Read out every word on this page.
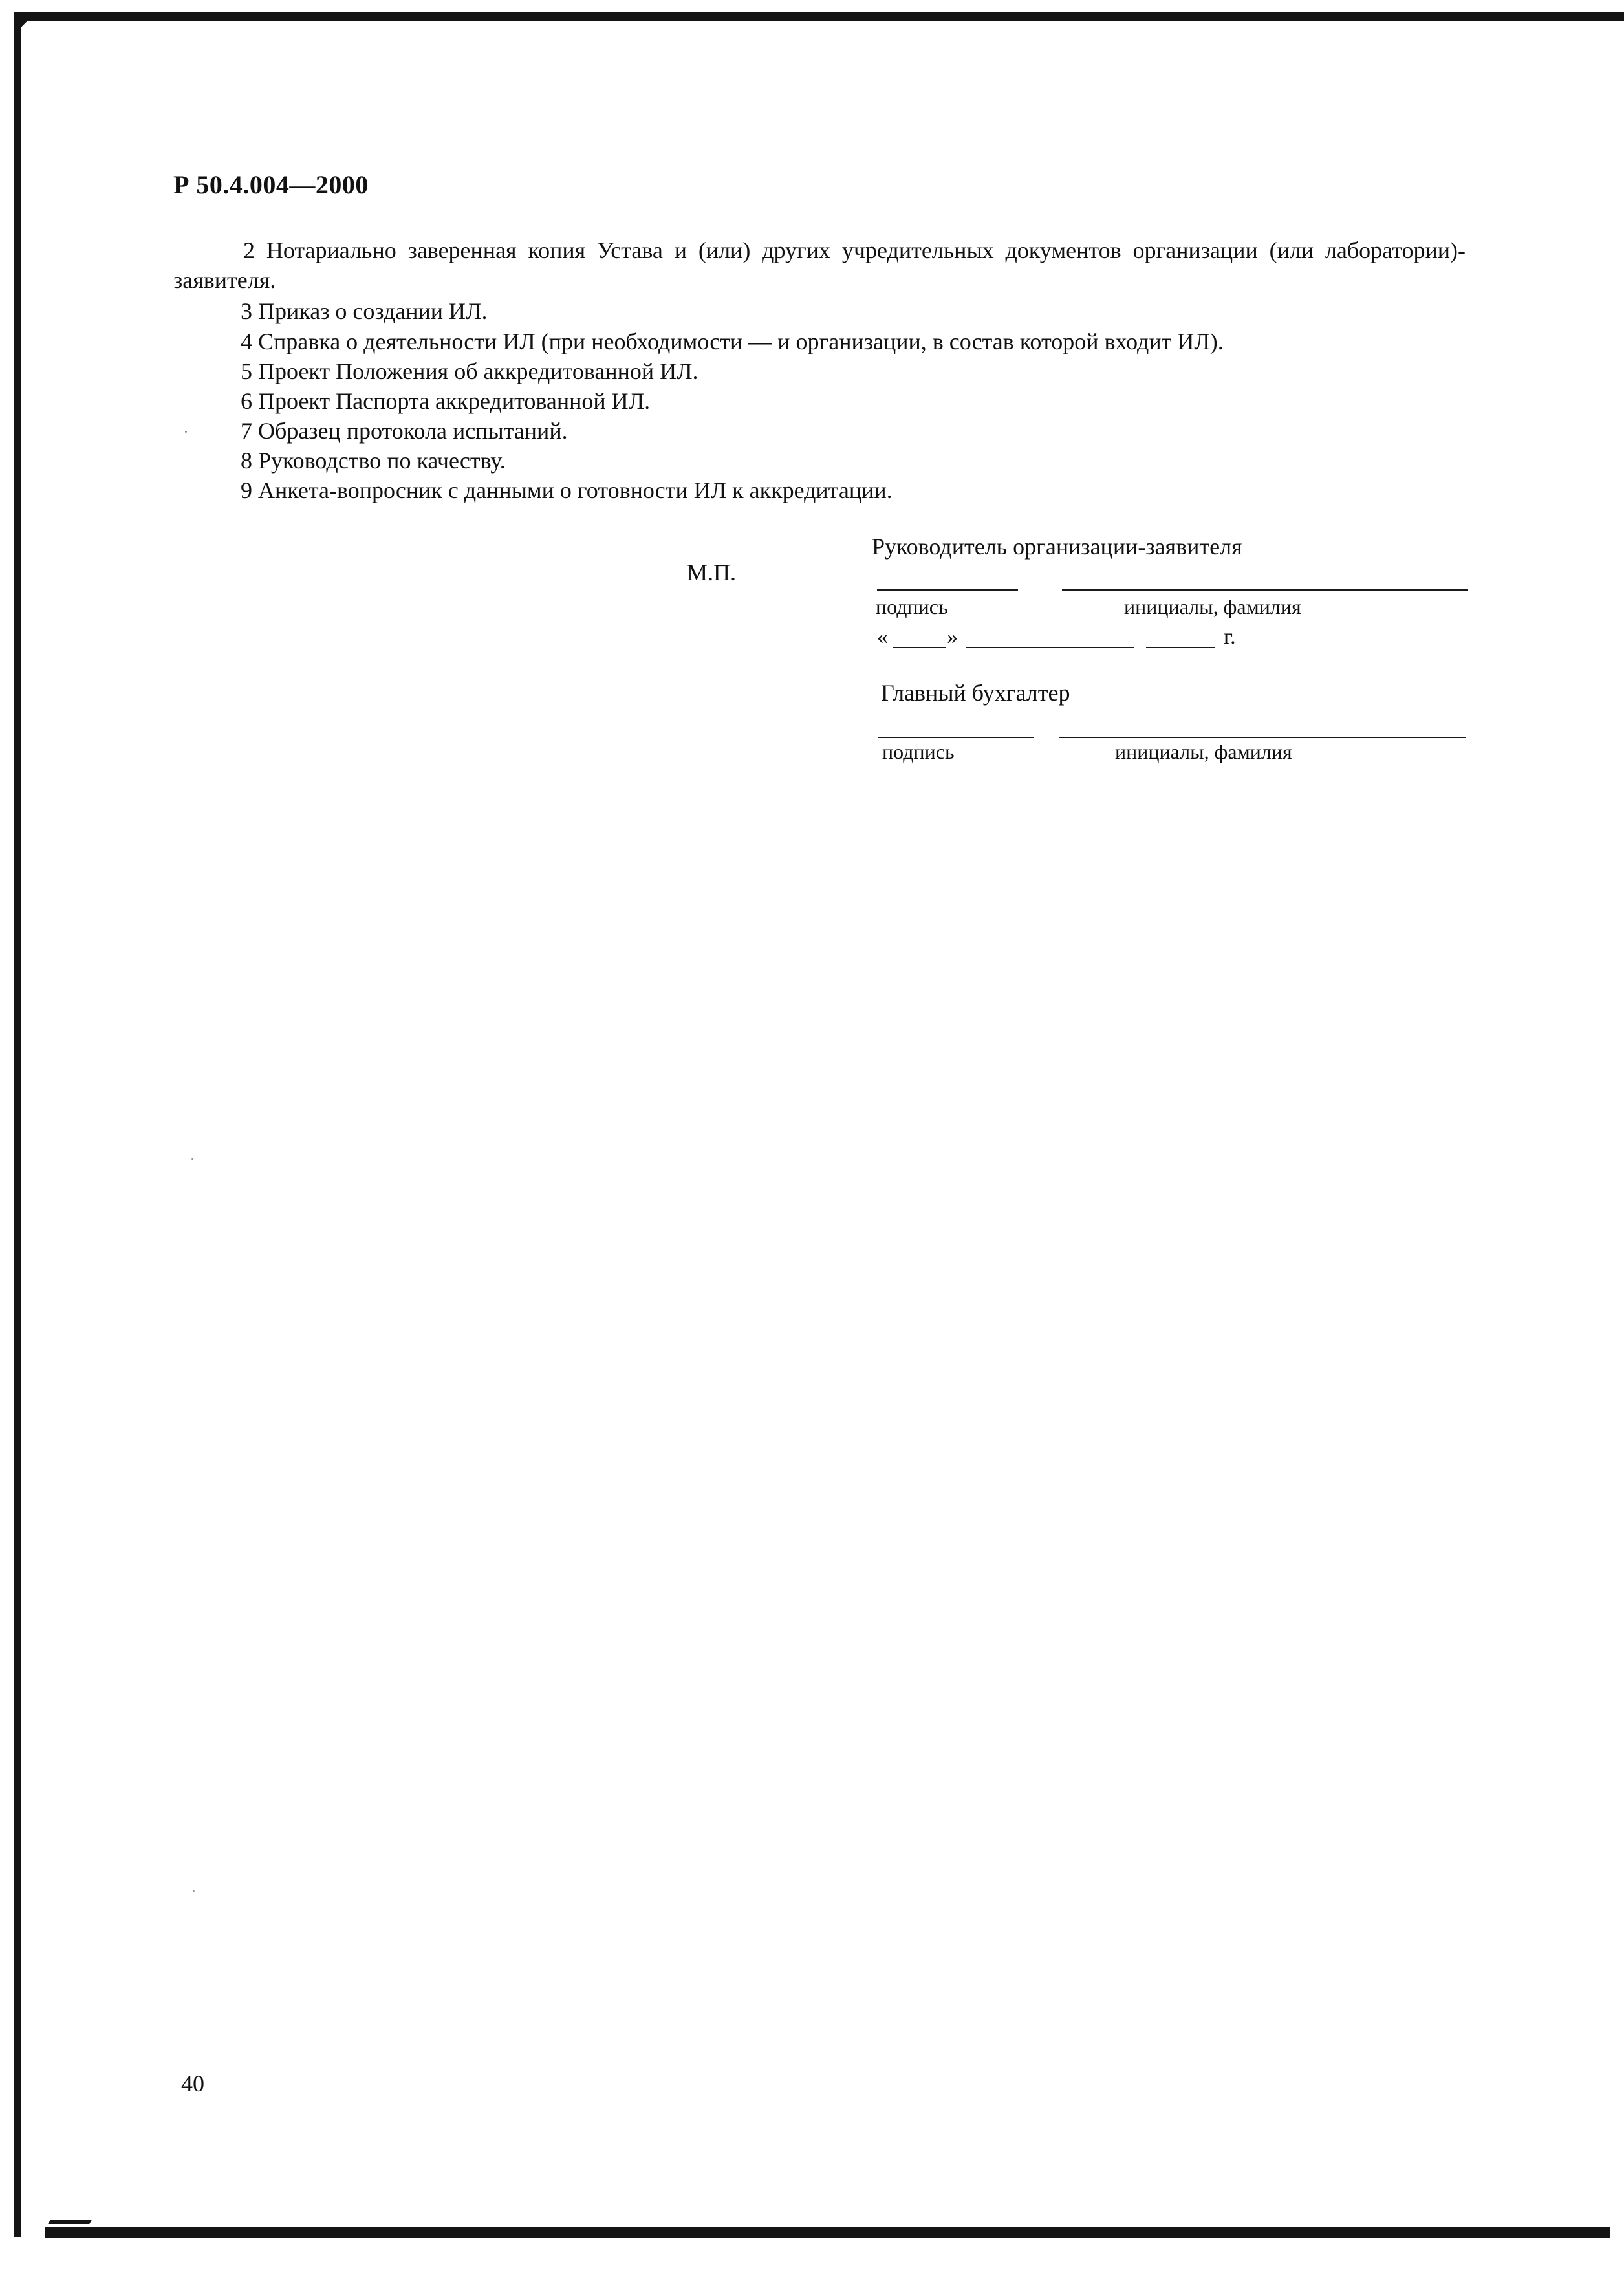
Р 50.4.004—2000
2 Нотариально заверенная копия Устава и (или) других учредительных документов организации (или лаборатории)-заявителя.
3 Приказ о создании ИЛ.
4 Справка о деятельности ИЛ (при необходимости — и организации, в состав которой входит ИЛ).
5 Проект Положения об аккредитованной ИЛ.
6 Проект Паспорта аккредитованной ИЛ.
7 Образец протокола испытаний.
8 Руководство по качеству.
9 Анкета-вопросник с данными о готовности ИЛ к аккредитации.
М.П.
Руководитель организации-заявителя
подпись	инициалы, фамилия
«	»	г.
Главный бухгалтер
подпись	инициалы, фамилия
40
